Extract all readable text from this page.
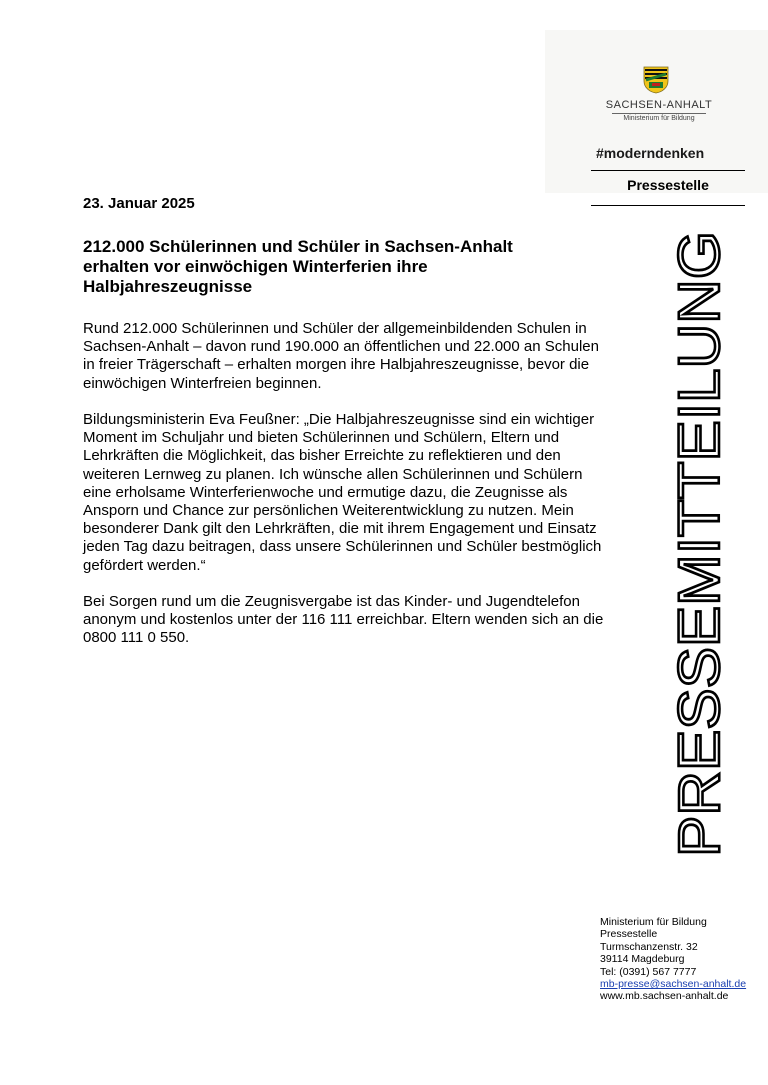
SACHSEN-ANHALT
Ministerium für Bildung
#moderndenken
Pressestelle
23. Januar 2025
212.000 Schülerinnen und Schüler in Sachsen-Anhalt erhalten vor einwöchigen Winterferien ihre Halbjahreszeugnisse

Rund 212.000 Schülerinnen und Schüler der allgemeinbildenden Schulen in Sachsen-Anhalt – davon rund 190.000 an öffentlichen und 22.000 an Schulen in freier Trägerschaft – erhalten morgen ihre Halbjahreszeugnisse, bevor die einwöchigen Winterfreien beginnen.

Bildungsministerin Eva Feußner: „Die Halbjahreszeugnisse sind ein wichtiger Moment im Schuljahr und bieten Schülerinnen und Schülern, Eltern und Lehrkräften die Möglichkeit, das bisher Erreichte zu reflektieren und den weiteren Lernweg zu planen. Ich wünsche allen Schülerinnen und Schülern eine erholsame Winterferienwoche und ermutige dazu, die Zeugnisse als Ansporn und Chance zur persönlichen Weiterentwicklung zu nutzen. Mein besonderer Dank gilt den Lehrkräften, die mit ihrem Engagement und Einsatz jeden Tag dazu beitragen, dass unsere Schülerinnen und Schüler bestmöglich gefördert werden.“

Bei Sorgen rund um die Zeugnisvergabe ist das Kinder- und Jugendtelefon anonym und kostenlos unter der 116 111 erreichbar. Eltern wenden sich an die 0800 111 0 550.	PRESSEMITTEILUNG
Ministerium für Bildung
Pressestelle
Turmschanzenstr. 32
39114 Magdeburg
Tel: (0391) 567 7777
mb-presse@sachsen-anhalt.de
www.mb.sachsen-anhalt.de
